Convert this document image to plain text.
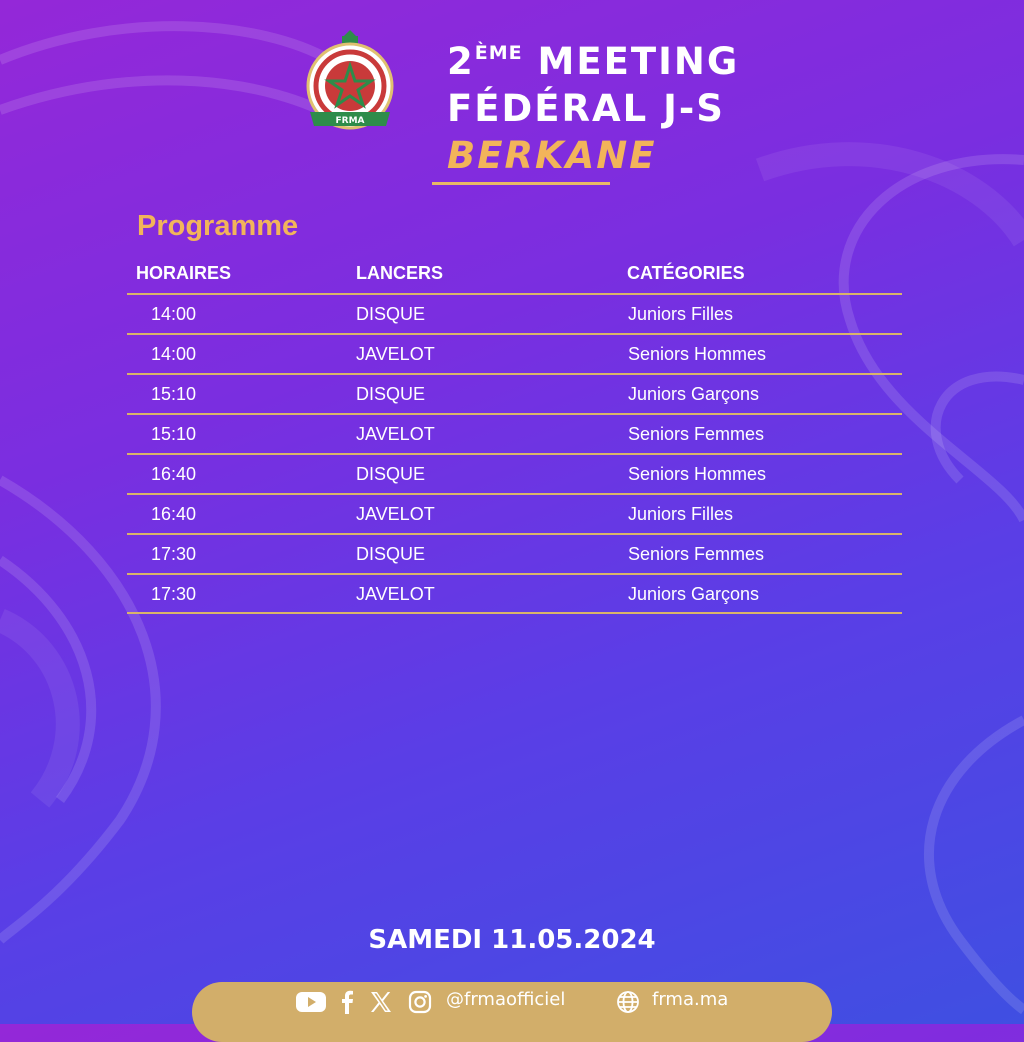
FRMA
2ÈME MEETING
FÉDÉRAL J-S
BERKANE
Programme
HORAIRES	LANCERS	CATÉGORIES
14:00	DISQUE	Juniors Filles
14:00	JAVELOT	Seniors Hommes
15:10	DISQUE	Juniors Garçons
15:10	JAVELOT	Seniors Femmes
16:40	DISQUE	Seniors Hommes
16:40	JAVELOT	Juniors Filles
17:30	DISQUE	Seniors Femmes
17:30	JAVELOT	Juniors Garçons
SAMEDI 11.05.2024
@frmaofficiel	frma.ma
